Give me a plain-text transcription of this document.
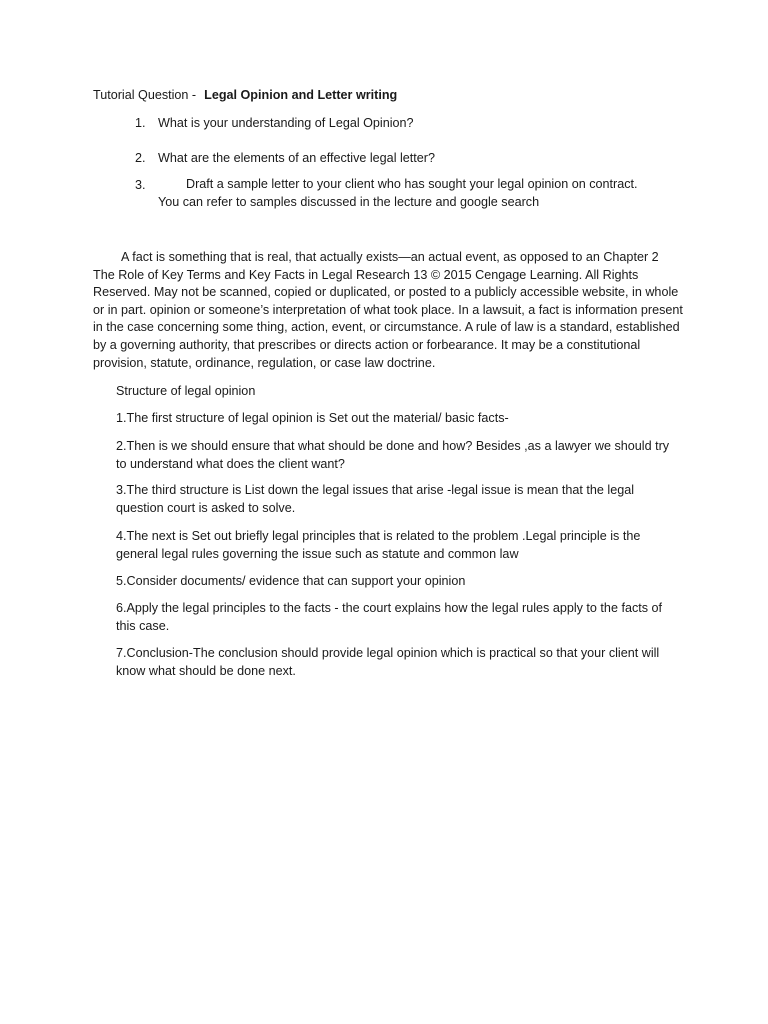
Tutorial Question - Legal Opinion and Letter writing
1. What is your understanding of Legal Opinion?
2. What are the elements of an effective legal letter?
3.	Draft a sample letter to your client who has sought your legal opinion on contract.
You can refer to samples discussed in the lecture and google search
A fact is something that is real, that actually exists—an actual event, as opposed to an Chapter 2 The Role of Key Terms and Key Facts in Legal Research 13 © 2015 Cengage Learning. All Rights Reserved. May not be scanned, copied or duplicated, or posted to a publicly accessible website, in whole or in part. opinion or someone’s interpretation of what took place. In a lawsuit, a fact is information present in the case concerning some thing, action, event, or circumstance. A rule of law is a standard, established by a governing authority, that prescribes or directs action or forbearance. It may be a constitutional provision, statute, ordinance, regulation, or case law doctrine.
Structure of legal opinion
1.The first structure of legal opinion is Set out the material/ basic facts-
2.Then is we should ensure that what should be done and how? Besides ,as a lawyer we should try to understand what does the client want?
3.The third structure is List down the legal issues that arise -legal issue is mean that the legal question court is asked to solve.
4.The next is Set out briefly legal principles that is related to the problem .Legal principle is the general legal rules governing the issue such as statute and common law
5.Consider documents/ evidence that can support your opinion
6.Apply the legal principles to the facts - the court explains how the legal rules apply to the facts of this case.
7.Conclusion-The conclusion should provide legal opinion which is practical so that your client will know what should be done next.
